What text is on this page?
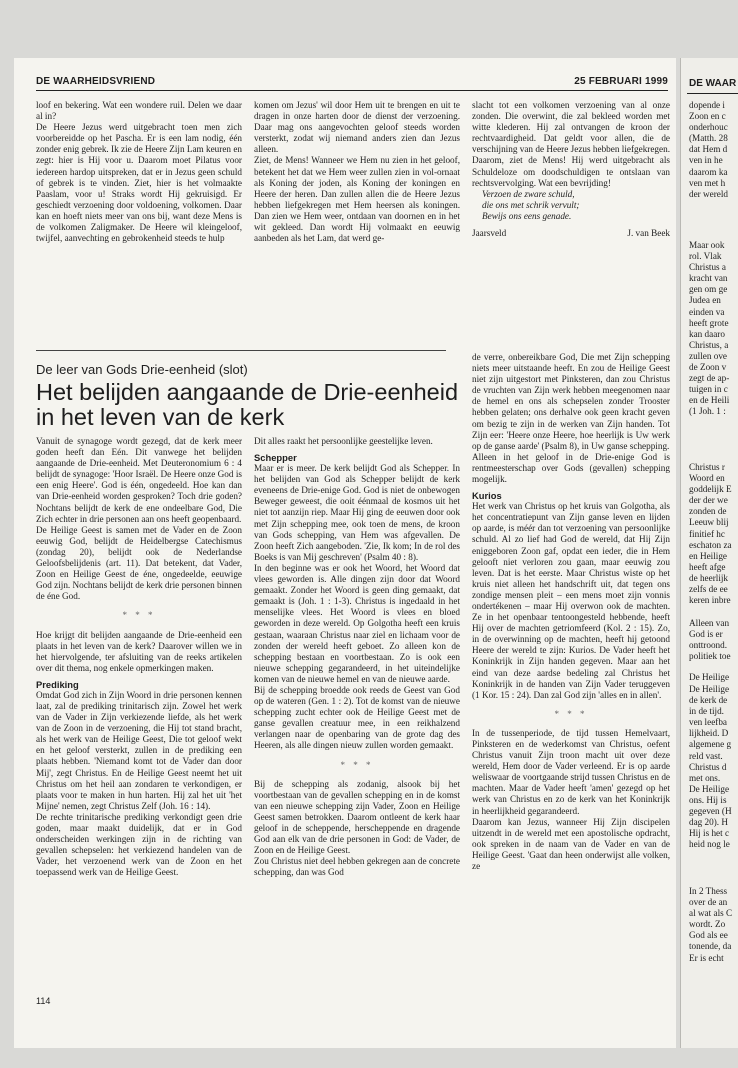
DE WAARHEIDSVRIEND	25 FEBRUARI 1999

loof en bekering. Wat een wondere ruil. Delen we daar al in?

De Heere Jezus werd uitgebracht toen men zich voorbereidde op het Pascha. Er is een lam nodig, één zonder enig gebrek. Ik zie de Heere Zijn Lam keuren en zegt: hier is Hij voor u. Daarom moet Pilatus voor iedereen hardop uitspreken, dat er in Jezus geen schuld of gebrek is te vinden. Ziet, hier is het volmaakte Paaslam, voor u! Straks wordt Hij gekruisigd. Er geschiedt verzoening door voldoening, volkomen. Daar kan en hoeft niets meer van ons bij, want deze Mens is de volkomen Zaligmaker. De Heere wil kleingeloof, twijfel, aanvechting en gebrokenheid steeds te hulp

komen om Jezus' wil door Hem uit te brengen en uit te dragen in onze harten door de dienst der verzoening. Daar mag ons aangevochten geloof steeds worden versterkt, zodat wij niemand anders zien dan Jezus alleen.

Ziet, de Mens! Wanneer we Hem nu zien in het geloof, betekent het dat we Hem weer zullen zien in vol-ornaat als Koning der joden, als Koning der koningen en Heere der heren. Dan zullen allen die de Heere Jezus hebben liefgekregen met Hem heersen als koningen. Dan zien we Hem weer, ontdaan van doornen en in het wit gekleed. Dan wordt Hij volmaakt en eeuwig aanbeden als het Lam, dat werd ge-

slacht tot een volkomen verzoening van al onze zonden. Die overwint, die zal bekleed worden met witte klederen. Hij zal ontvangen de kroon der rechtvaardigheid. Dat geldt voor allen, die de verschijning van de Heere Jezus hebben liefgekregen. Daarom, ziet de Mens! Hij werd uitgebracht als Schuldeloze om doodschuldigen te ontslaan van rechtsvervolging. Wat een bevrijding!

Verzoen de zware schuld,
die ons met schrik vervult;
Bewijs ons eens genade.
Jaarsveld	J. van Beek
De leer van Gods Drie-eenheid (slot)
Het belijden aangaande de Drie-eenheid in het leven van de kerk

Vanuit de synagoge wordt gezegd, dat de kerk meer goden heeft dan Eén. Dit vanwege het belijden aangaande de Drie-eenheid. Met Deuteronomium 6 : 4 belijdt de synagoge: 'Hoor Israël. De Heere onze God is een enig Heere'. God is één, ongedeeld. Hoe kan dan van Drie-eenheid worden gesproken? Toch drie goden? Nochtans belijdt de kerk de ene ondeelbare God, Die Zich echter in drie personen aan ons heeft geopenbaard.

De Heilige Geest is samen met de Vader en de Zoon eeuwig God, belijdt de Heidelbergse Catechismus (zondag 20), belijdt ook de Nederlandse Geloofsbelijdenis (art. 11). Dat betekent, dat Vader, Zoon en Heilige Geest de éne, ongedeelde, eeuwige God zijn. Nochtans belijdt de kerk drie personen binnen de éne God.

* * *

Hoe krijgt dit belijden aangaande de Drie-eenheid een plaats in het leven van de kerk? Daarover willen we in het hiervolgende, ter afsluiting van de reeks artikelen over dit thema, nog enkele opmerkingen maken.

Prediking

Omdat God zich in Zijn Woord in drie personen kennen laat, zal de prediking trinitarisch zijn. Zowel het werk van de Vader in Zijn verkiezende liefde, als het werk van de Zoon in de verzoening, die Hij tot stand bracht, als het werk van de Heilige Geest, Die tot geloof wekt en het geloof versterkt, zullen in de prediking een plaats hebben. 'Niemand komt tot de Vader dan door Mij', zegt Christus. En de Heilige Geest neemt het uit Christus om het heil aan zondaren te verkondigen, er plaats voor te maken in hun harten. Hij zal het uit 'het Mijne' nemen, zegt Christus Zelf (Joh. 16 : 14).

De rechte trinitarische prediking verkondigt geen drie goden, maar maakt duidelijk, dat er in God onderscheiden werkingen zijn in de richting van gevallen schepselen: het verkiezend handelen van de Vader, het verzoenend werk van de Zoon en het toepassend werk van de Heilige Geest.

Dit alles raakt het persoonlijke geestelijke leven.

Schepper

Maar er is meer. De kerk belijdt God als Schepper. In het belijden van God als Schepper belijdt de kerk eveneens de Drie-enige God. God is niet de onbewogen Beweger geweest, die ooit éénmaal de kosmos uit het niet tot aanzijn riep. Maar Hij ging de eeuwen door ook met Zijn schepping mee, ook toen de mens, de kroon van Gods schepping, van Hem was afgevallen. De Zoon heeft Zich aangeboden. 'Zie, Ik kom; In de rol des Boeks is van Mij geschreven' (Psalm 40 : 8).

In den beginne was er ook het Woord, het Woord dat vlees geworden is. Alle dingen zijn door dat Woord gemaakt. Zonder het Woord is geen ding gemaakt, dat gemaakt is (Joh. 1 : 1-3). Christus is ingedaald in het menselijke vlees. Het Woord is vlees en bloed geworden in deze wereld. Op Golgotha heeft een kruis gestaan, waaraan Christus naar ziel en lichaam voor de zonden der wereld heeft geboet. Zo alleen kon de schepping bestaan en voortbestaan. Zo is ook een nieuwe schepping gegarandeerd, in het uiteindelijke komen van de nieuwe hemel en van de nieuwe aarde.

Bij de schepping broedde ook reeds de Geest van God op de wateren (Gen. 1 : 2). Tot de komst van de nieuwe schepping zucht echter ook de Heilige Geest met de ganse gevallen creatuur mee, in een reikhalzend verlangen naar de openbaring van de grote dag des Heeren, als alle dingen nieuw zullen worden gemaakt.

* * *

Bij de schepping als zodanig, alsook bij het voortbestaan van de gevallen schepping en in de komst van een nieuwe schepping zijn Vader, Zoon en Heilige Geest samen betrokken. Daarom ontleent de kerk haar geloof in de scheppende, herscheppende en dragende God aan elk van de drie personen in God: de Vader, de Zoon en de Heilige Geest.

Zou Christus niet deel hebben gekregen aan de concrete schepping, dan was God

de verre, onbereikbare God, Die met Zijn schepping niets meer uitstaande heeft. En zou de Heilige Geest niet zijn uitgestort met Pinksteren, dan zou Christus de vruchten van Zijn werk hebben meegenomen naar de hemel en ons als schepselen zonder Trooster hebben gelaten; ons derhalve ook geen kracht geven om bezig te zijn in de werken van Zijn handen. Tot Zijn eer: 'Heere onze Heere, hoe heerlijk is Uw werk op de ganse aarde' (Psalm 8), in Uw ganse schepping.

Alleen in het geloof in de Drie-enige God is rentmeesterschap over Gods (gevallen) schepping mogelijk.

Kurios

Het werk van Christus op het kruis van Golgotha, als het concentratiepunt van Zijn ganse leven en lijden op aarde, is méér dan tot verzoening van persoonlijke schuld. Al zo lief had God de wereld, dat Hij Zijn eniggeboren Zoon gaf, opdat een ieder, die in Hem gelooft niet verloren zou gaan, maar eeuwig zou leven. Dat is het eerste. Maar Christus wiste op het kruis niet alleen het handschrift uit, dat tegen ons zondige mensen pleit – een mens moet zijn vonnis ondertékenen – maar Hij overwon ook de machten. Ze in het openbaar tentoongesteld hebbende, heeft Hij over de machten getriomfeerd (Kol. 2 : 15). Zo, in de overwinning op de machten, heeft hij getoond Heere der wereld te zijn: Kurios. De Vader heeft het Koninkrijk in Zijn handen gegeven. Maar aan het eind van deze aardse bedeling zal Christus het Koninkrijk in de handen van Zijn Vader teruggeven (1 Kor. 15 : 24). Dan zal God zijn 'alles en in allen'.

* * *

In de tussenperiode, de tijd tussen Hemelvaart, Pinksteren en de wederkomst van Christus, oefent Christus vanuit Zijn troon macht uit over deze wereld, Hem door de Vader verleend. Er is op aarde weliswaar de voortgaande strijd tussen Christus en de machten. Maar de Vader heeft 'amen' gezegd op het werk van Christus en zo de kerk van het Koninkrijk in heerlijkheid gegarandeerd.

Daarom kan Jezus, wanneer Hij Zijn discipelen uitzendt in de wereld met een apostolische opdracht, ook spreken in de naam van de Vader en van de Heilige Geest. 'Gaat dan heen onderwijst alle volken, ze

114
DE WAAR
dopende i
Zoon en c
onderhouc
(Matth. 28
dat Hem d
ven in he
daarom ka
ven met h
der wereld
Maar ook
rol. Vlak
Christus a
kracht van
gen om ge
Judea en
einden va
heeft grote
kan daaro
Christus, a
zullen ove
de Zoon v
zegt de ap-
tuigen in c
en de Heili
(1 Joh. 1 :
Christus r
Woord en
goddelijk E
der der we
zonden de
Leeuw blij
finitief hc
eschaton za
en Heilige
heeft afge
de heerlijk
zelfs de ee
keren inbre
Alleen van
God is er
onttroond.
politiek toe
De Heilige
De Heilige
de kerk de
in de tijd.
ven leefba
lijkheid. D
algemene g
reld vast.
Christus d
met ons.
De Heilige
ons. Hij is
gegeven (H
dag 20). H
Hij is het c
heid nog le
In 2 Thess
over de an
al wat als C
wordt. Zo
God als ee
tonende, da
Er is echt
